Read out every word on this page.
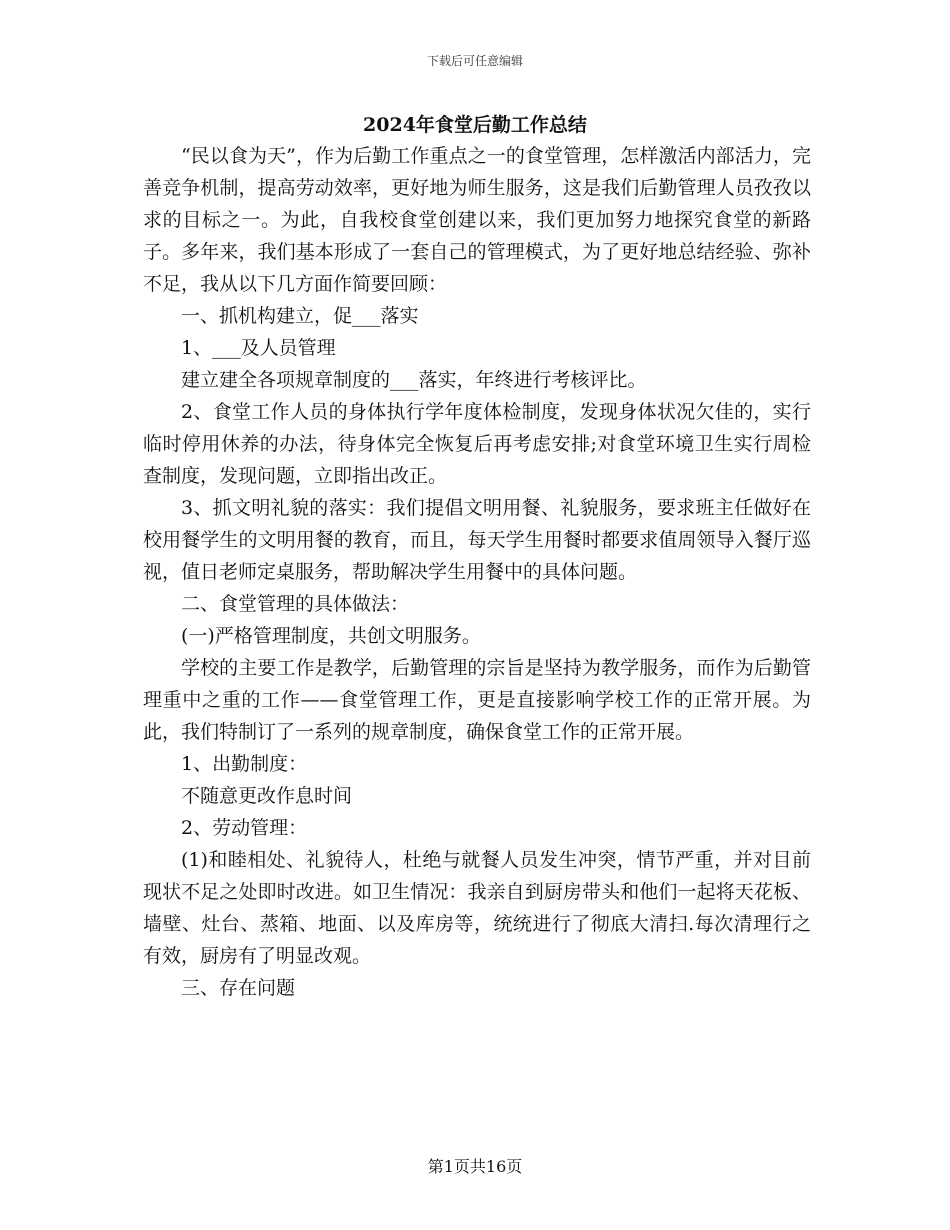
下载后可任意编辑
2024年食堂后勤工作总结

“民以食为天”，作为后勤工作重点之一的食堂管理，怎样激活内部活力，完善竞争机制，提高劳动效率，更好地为师生服务，这是我们后勤管理人员孜孜以求的目标之一。为此，自我校食堂创建以来，我们更加努力地探究食堂的新路子。多年来，我们基本形成了一套自己的管理模式，为了更好地总结经验、弥补不足，我从以下几方面作简要回顾：

一、抓机构建立，促___落实

1、___及人员管理

建立建全各项规章制度的___落实，年终进行考核评比。

2、食堂工作人员的身体执行学年度体检制度，发现身体状况欠佳的，实行临时停用休养的办法，待身体完全恢复后再考虑安排;对食堂环境卫生实行周检查制度，发现问题，立即指出改正。

3、抓文明礼貌的落实：我们提倡文明用餐、礼貌服务，要求班主任做好在校用餐学生的文明用餐的教育，而且，每天学生用餐时都要求值周领导入餐厅巡视，值日老师定桌服务，帮助解决学生用餐中的具体问题。

二、食堂管理的具体做法：

(一)严格管理制度，共创文明服务。

学校的主要工作是教学，后勤管理的宗旨是坚持为教学服务，而作为后勤管理重中之重的工作——食堂管理工作，更是直接影响学校工作的正常开展。为此，我们特制订了一系列的规章制度，确保食堂工作的正常开展。

1、出勤制度：

不随意更改作息时间

2、劳动管理：

(1)和睦相处、礼貌待人，杜绝与就餐人员发生冲突，情节严重，并对目前现状不足之处即时改进。如卫生情况：我亲自到厨房带头和他们一起将天花板、墙壁、灶台、蒸箱、地面、以及库房等，统统进行了彻底大清扫.每次清理行之有效，厨房有了明显改观。

三、存在问题

第1页共16页
